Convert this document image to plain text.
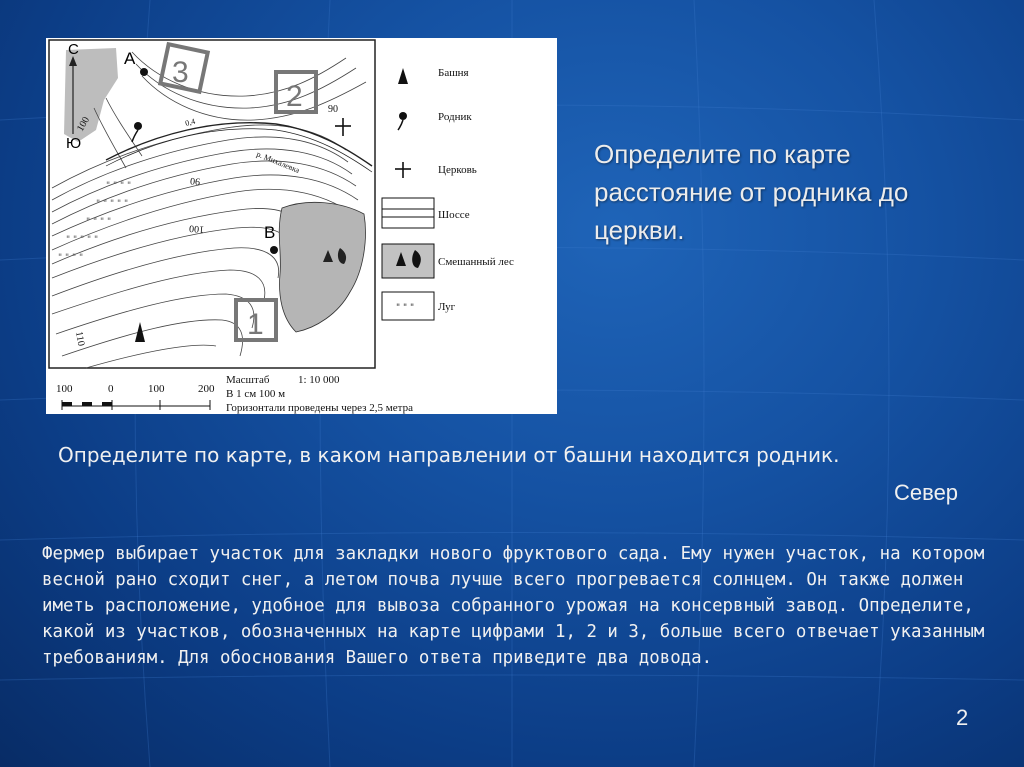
" " " "
" " " " "
" " " "
" " " " "
" " " "
3
2
1
С
Ю
А
В
100
90
100
110
90
р. Михалевка
0,4
Башня
Родник
Церковь
Шоссе
Смешанный лес
" " " Луг
100	0	100	200
Масштаб	1: 10 000
В 1 см 100 м
Горизонтали проведены через 2,5 метра
Определите по карте расстояние от родника до церкви.
Определите по карте, в каком направлении от башни находится родник.
Север
Фермер выбирает участок для закладки нового фруктового сада. Ему нужен участок, на котором весной рано сходит снег, а летом почва лучше всего прогревается солнцем. Он также должен иметь расположение, удобное для вывоза собранного урожая на консервный завод. Определите, какой из участков, обозначенных на карте цифрами 1, 2 и 3, больше всего отвечает указанным требованиям. Для обоснования Вашего ответа приведите два довода.
2
